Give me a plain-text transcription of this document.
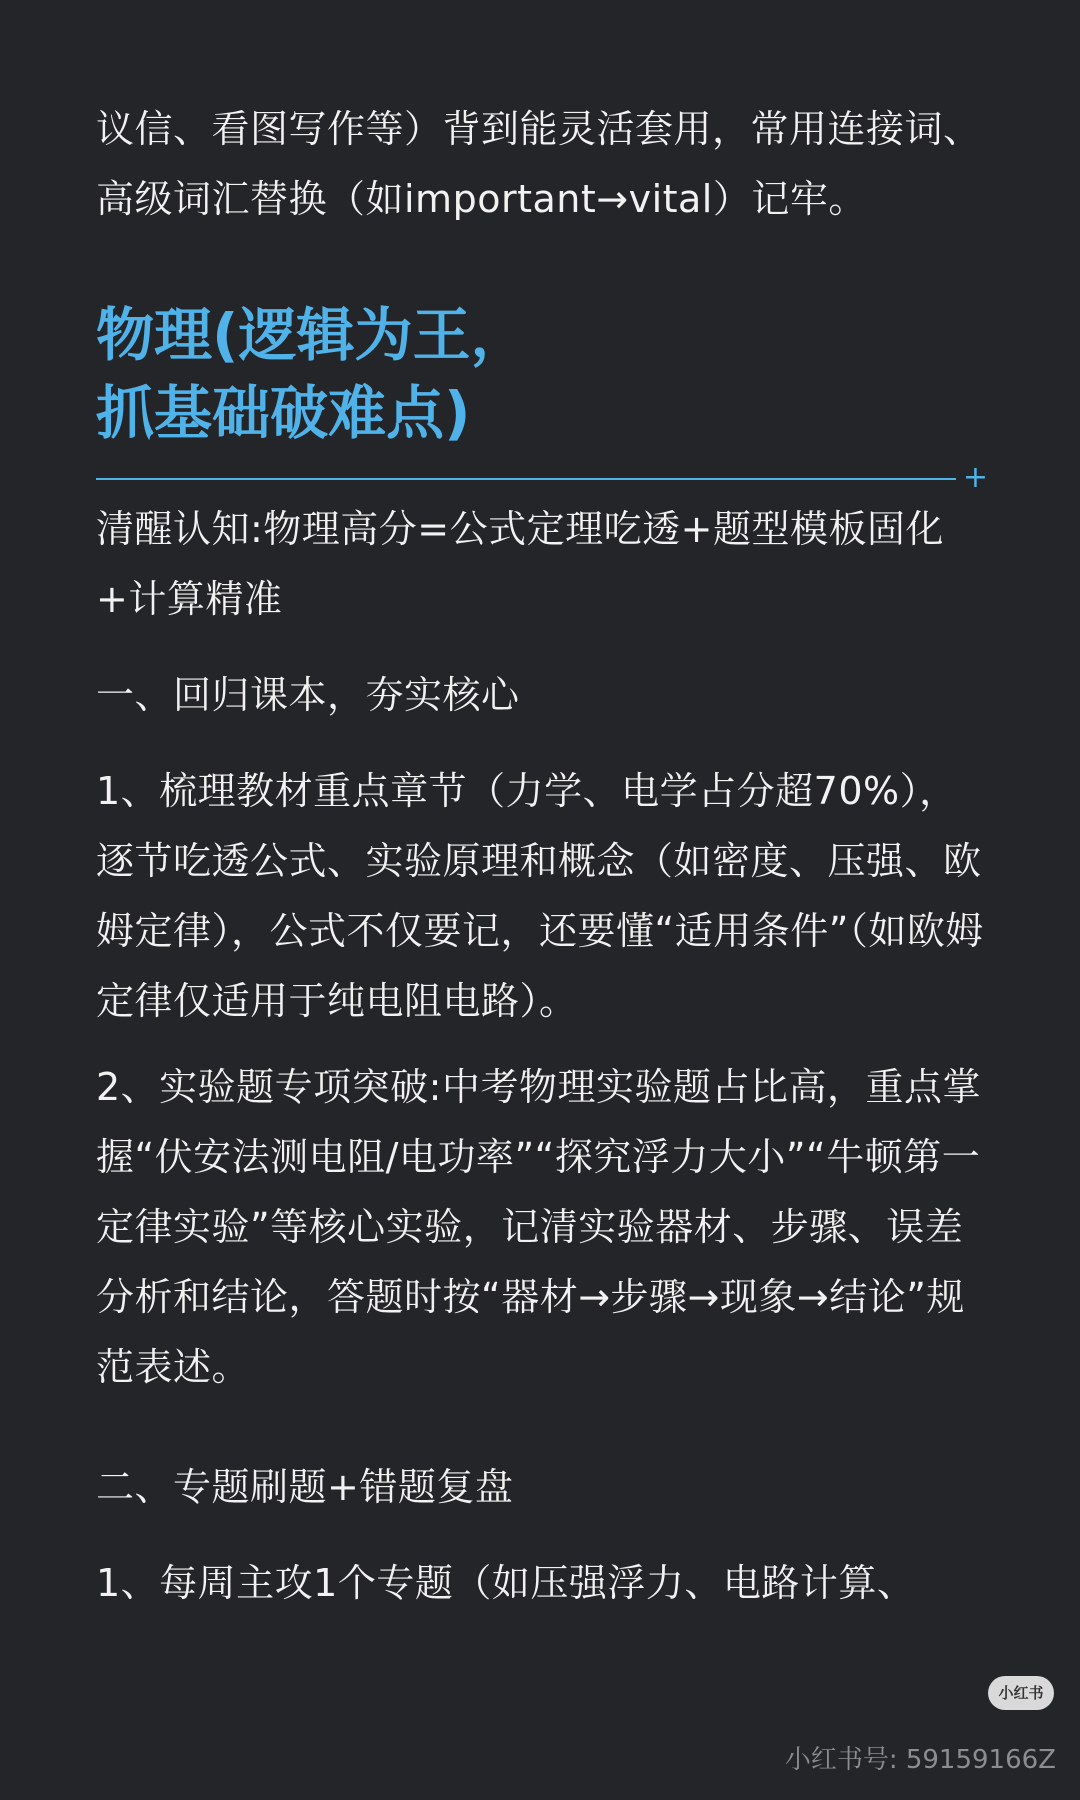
议信、看图写作等）背到能灵活套用，常用连接词、高级词汇替换（如important→vital）记牢。

物理(逻辑为王，
抓基础破难点)
+

清醒认知:物理高分=公式定理吃透+题型模板固化+计算精准

一、回归课本，夯实核心

1、梳理教材重点章节（力学、电学占分超70%），逐节吃透公式、实验原理和概念（如密度、压强、欧姆定律），公式不仅要记，还要懂“适用条件”（如欧姆定律仅适用于纯电阻电路）。

2、实验题专项突破:中考物理实验题占比高，重点掌握“伏安法测电阻/电功率”“探究浮力大小”“牛顿第一定律实验”等核心实验，记清实验器材、步骤、误差分析和结论，答题时按“器材→步骤→现象→结论”规范表述。

二、专题刷题+错题复盘

1、每周主攻1个专题（如压强浮力、电路计算、

小红书
小红书号: 59159166Z
